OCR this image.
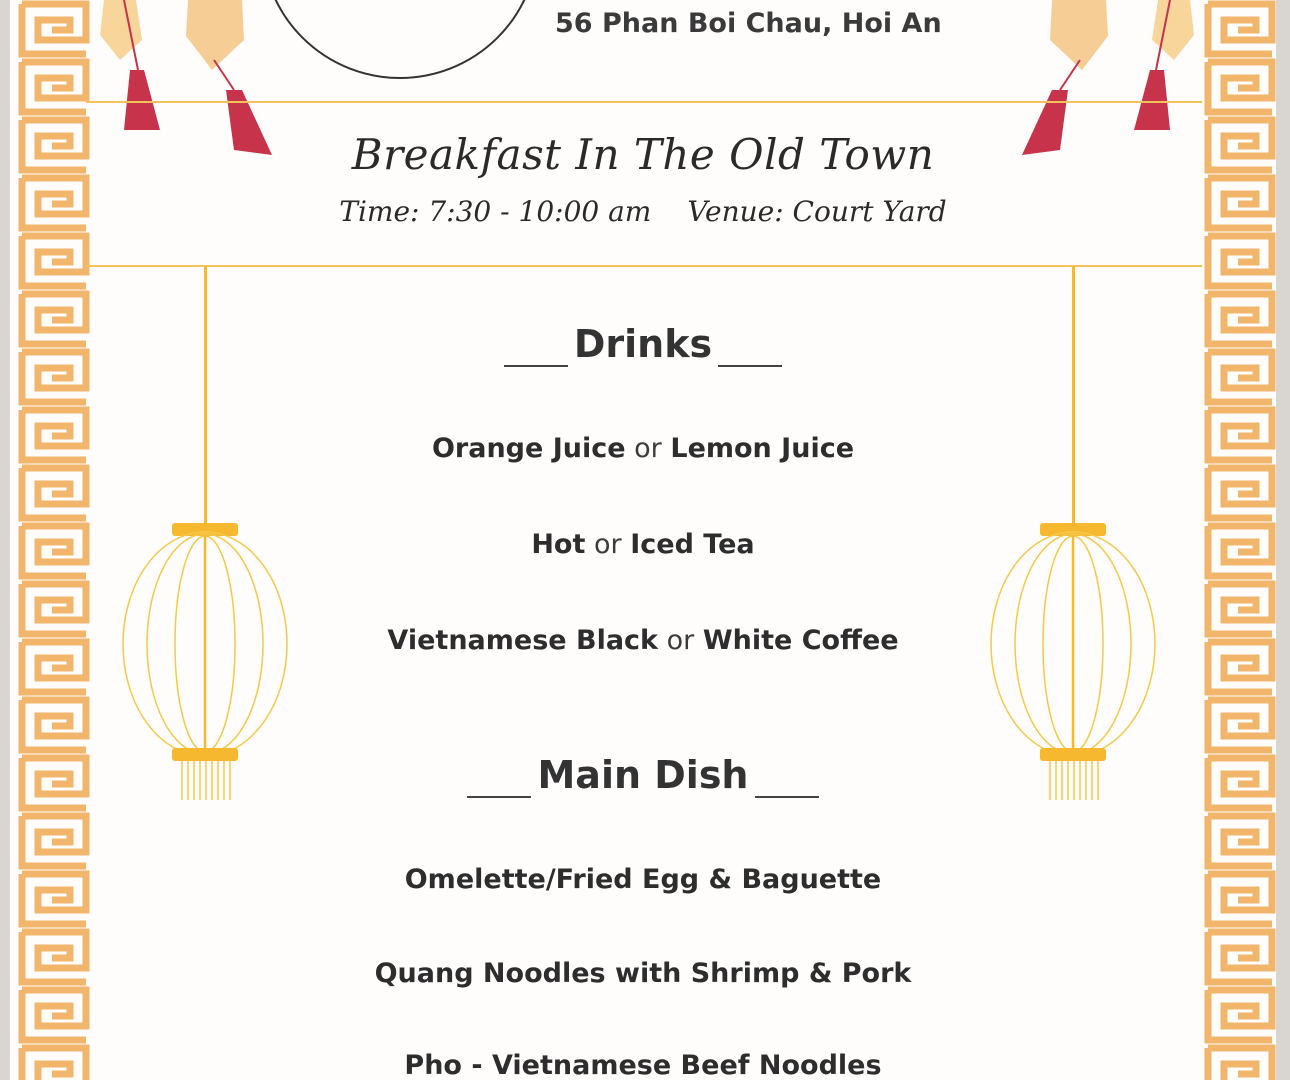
56 Phan Boi Chau, Hoi An
Breakfast In The Old Town
Time: 7:30 - 10:00 am Venue: Court Yard
Drinks
Orange Juice or Lemon Juice
Hot or Iced Tea
Vietnamese Black or White Coffee
Main Dish
Omelette/Fried Egg & Baguette
Quang Noodles with Shrimp & Pork
Pho - Vietnamese Beef Noodles
